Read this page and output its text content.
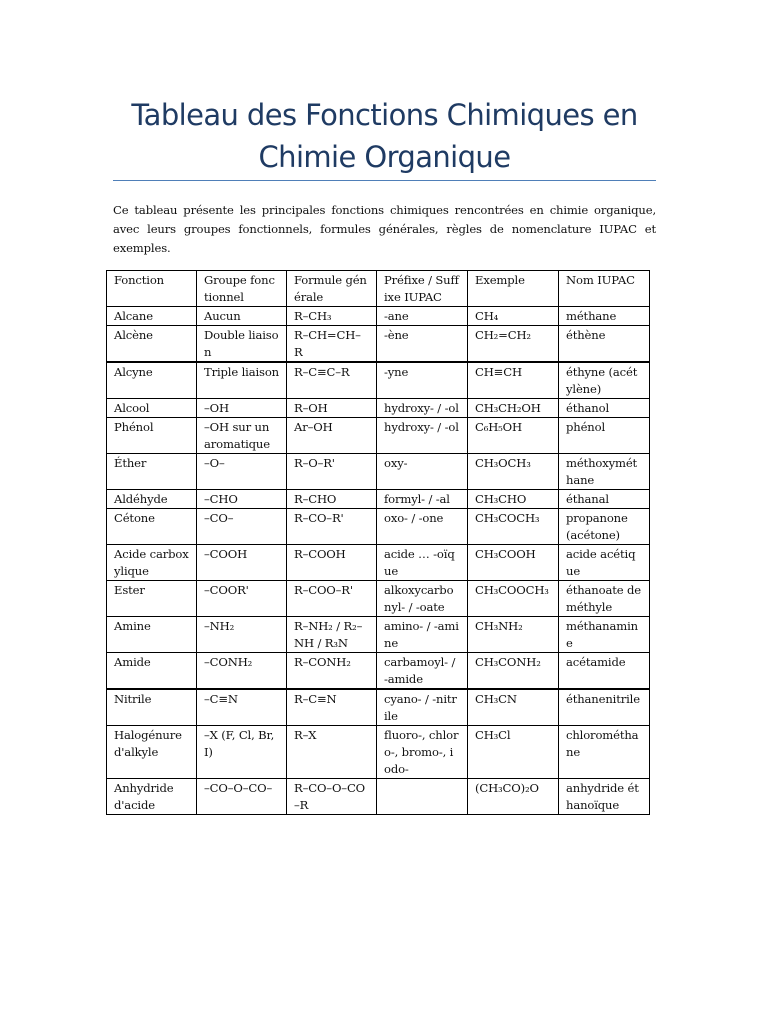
Tableau des Fonctions Chimiques en Chimie Organique

Ce tableau présente les principales fonctions chimiques rencontrées en chimie organique, avec leurs groupes fonctionnels, formules générales, règles de nomenclature IUPAC et exemples.

Fonction	Groupe fonctionnel	Formule générale	Préfixe / Suffixe IUPAC	Exemple	Nom IUPAC
Alcane	Aucun	R–CH₃	-ane	CH₄	méthane
Alcène	Double liaison	R–CH=CH–R	-ène	CH₂=CH₂	éthène
Alcyne	Triple liaison	R–C≡C–R	-yne	CH≡CH	éthyne (acétylène)
Alcool	–OH	R–OH	hydroxy- / -ol	CH₃CH₂OH	éthanol
Phénol	–OH sur un aromatique	Ar–OH	hydroxy- / -ol	C₆H₅OH	phénol
Éther	–O–	R–O–R'	oxy-	CH₃OCH₃	méthoxyméthane
Aldéhyde	–CHO	R–CHO	formyl- / -al	CH₃CHO	éthanal
Cétone	–CO–	R–CO–R'	oxo- / -one	CH₃COCH₃	propanone (acétone)
Acide carboxylique	–COOH	R–COOH	acide … -oïque	CH₃COOH	acide acétique
Ester	–COOR'	R–COO–R'	alkoxycarbonyl- / -oate	CH₃COOCH₃	éthanoate de méthyle
Amine	–NH₂	R–NH₂ / R₂–NH / R₃N	amino- / -amine	CH₃NH₂	méthanamine
Amide	–CONH₂	R–CONH₂	carbamoyl- / -amide	CH₃CONH₂	acétamide
Nitrile	–C≡N	R–C≡N	cyano- / -nitrile	CH₃CN	éthanenitrile
Halogénure d'alkyle	–X (F, Cl, Br, I)	R–X	fluoro-, chloro-, bromo-, iodo-	CH₃Cl	chlorométhane
Anhydride d'acide	–CO–O–CO–	R–CO–O–CO–R		(CH₃CO)₂O	anhydride éthanoïque
